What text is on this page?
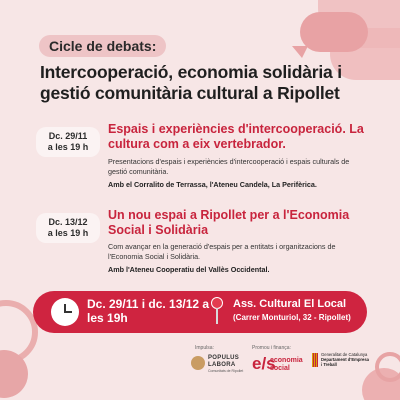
Cicle de debats:
Intercooperació, economia solidària i gestió comunitària cultural a Ripollet
Dc. 29/11
a les 19 h
Espais i experiències d'intercooperació. La cultura com a eix vertebrador.
Presentacions d'espais i experiències d'intercooperació i espais culturals de gestió comunitària.
Amb el Corralito de Terrassa, l'Ateneu Candela, La Perifèrica.
Dc. 13/12
a les 19 h
Un nou espai a Ripollet per a l'Economia Social i Solidària
Com avançar en la generació d'espais per a entitats i organitzacions de l'Economia Social i Solidària.
Amb l'Ateneu Cooperatiu del Vallès Occidental.
Dc. 29/11 i dc. 13/12 a les 19h
Ass. Cultural El Local
(Carrer Monturiol, 32 - Ripollet)
Impulsa:	Promou i finança:
POPULUS
LABORA
Comunitats de Ripollet e/s
economia
social
Generalitat de Catalunya
Departament d'Empresa
i Treball
